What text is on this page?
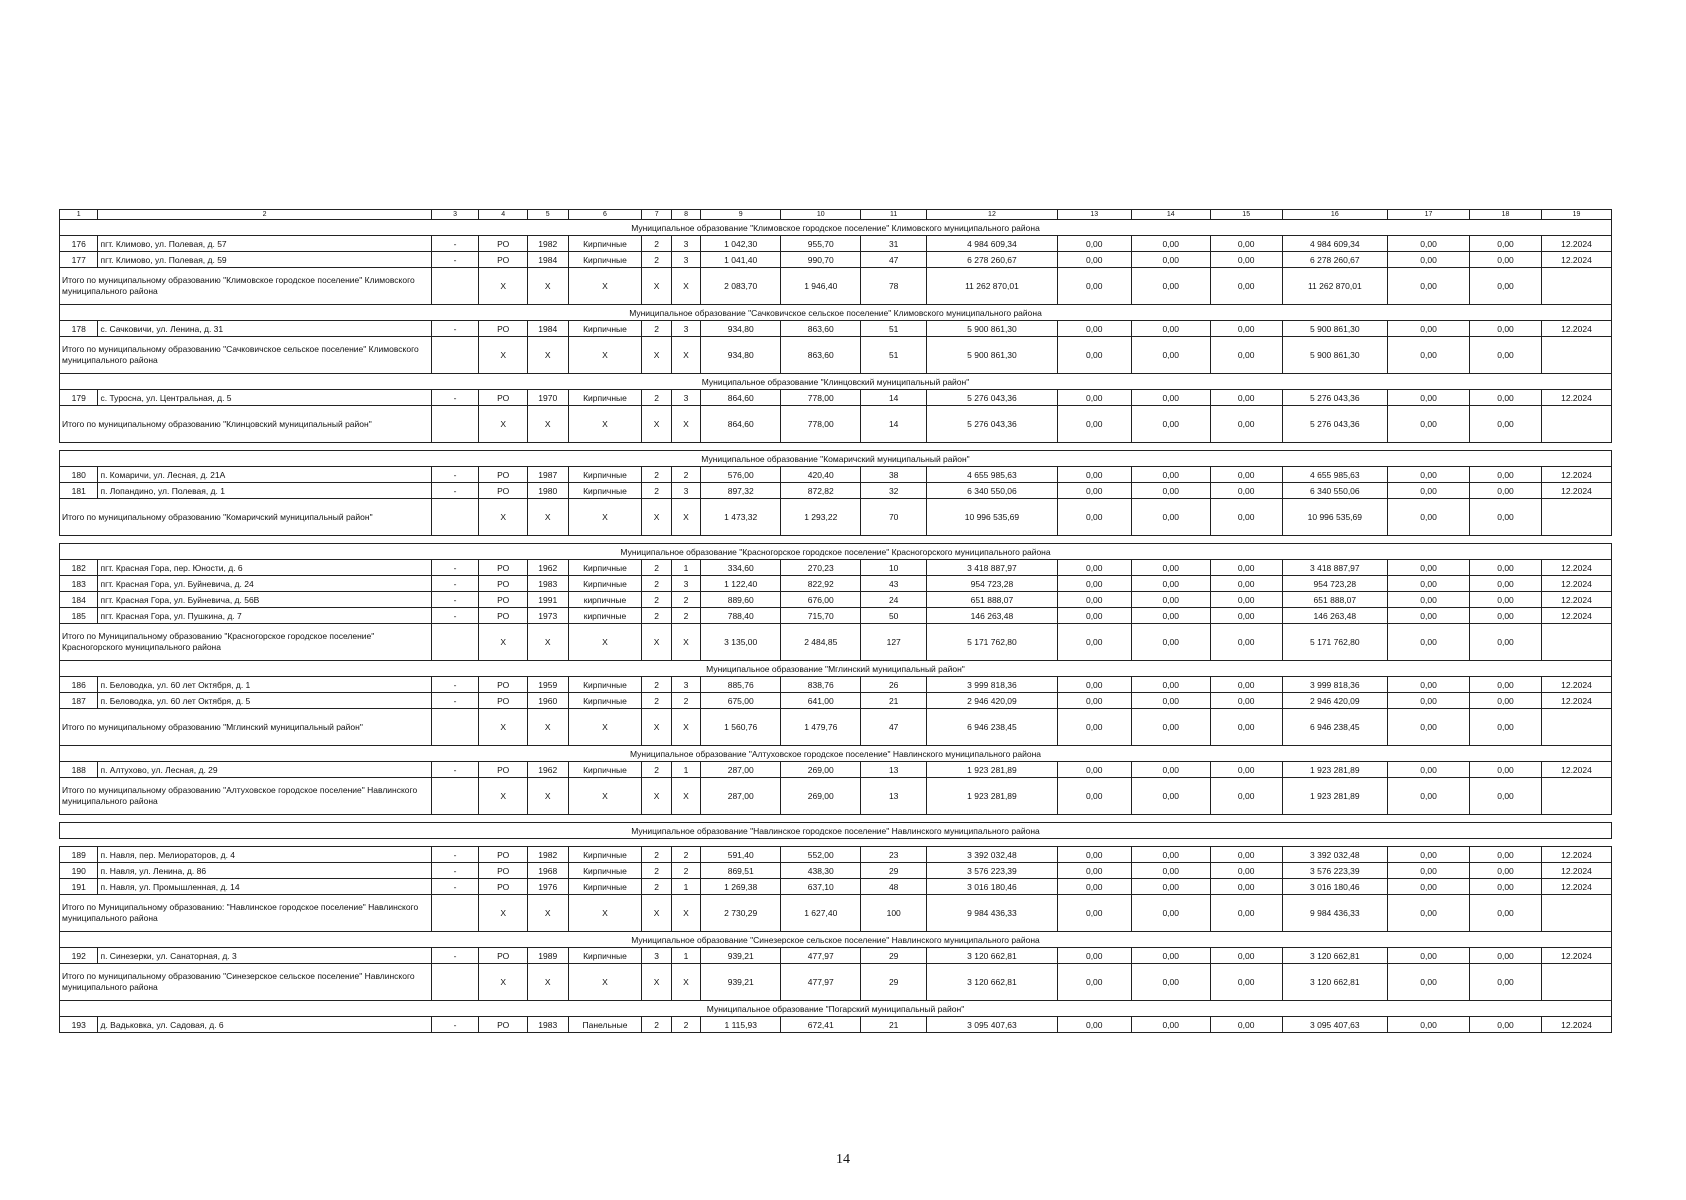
1	2	3	4	5	6	7	8	9	10	11	12	13	14	15	16	17	18	19
Муниципальное образование "Климовское городское поселение" Климовского муниципального района																		
176	пгт. Климово, ул. Полевая, д. 57	-	РО	1982	Кирпичные	2	3	1 042,30	955,70	31	4 984 609,34	0,00	0,00	0,00	4 984 609,34	0,00	0,00	12.2024
177	пгт. Климово, ул. Полевая, д. 59	-	РО	1984	Кирпичные	2	3	1 041,40	990,70	47	6 278 260,67	0,00	0,00	0,00	6 278 260,67	0,00	0,00	12.2024
Итого по муниципальному образованию "Климовское городское поселение" Климовского муниципального района			X	X	X	X	X	2 083,70	1 946,40	78	11 262 870,01	0,00	0,00	0,00	11 262 870,01	0,00	0,00	
Муниципальное образование "Сачковичское сельское поселение" Климовского муниципального района																		
178	с. Сачковичи, ул. Ленина, д. 31	-	РО	1984	Кирпичные	2	3	934,80	863,60	51	5 900 861,30	0,00	0,00	0,00	5 900 861,30	0,00	0,00	12.2024
Итого по муниципальному образованию "Сачковичское сельское поселение" Климовского муниципального района			X	X	X	X	X	934,80	863,60	51	5 900 861,30	0,00	0,00	0,00	5 900 861,30	0,00	0,00	
Муниципальное образование "Клинцовский муниципальный район"																		
179	с. Туросна, ул. Центральная, д. 5	-	РО	1970	Кирпичные	2	3	864,60	778,00	14	5 276 043,36	0,00	0,00	0,00	5 276 043,36	0,00	0,00	12.2024
Итого по муниципальному образованию "Клинцовский муниципальный район"			X	X	X	X	X	864,60	778,00	14	5 276 043,36	0,00	0,00	0,00	5 276 043,36	0,00	0,00	

Муниципальное образование "Комаричский муниципальный район"																		
180	п. Комаричи, ул. Лесная, д. 21А	-	РО	1987	Кирпичные	2	2	576,00	420,40	38	4 655 985,63	0,00	0,00	0,00	4 655 985,63	0,00	0,00	12.2024
181	п. Лопандино, ул. Полевая, д. 1	-	РО	1980	Кирпичные	2	3	897,32	872,82	32	6 340 550,06	0,00	0,00	0,00	6 340 550,06	0,00	0,00	12.2024
Итого по муниципальному образованию "Комаричский муниципальный район"			X	X	X	X	X	1 473,32	1 293,22	70	10 996 535,69	0,00	0,00	0,00	10 996 535,69	0,00	0,00	

Муниципальное образование "Красногорское городское поселение" Красногорского муниципального района																		
182	пгт. Красная Гора, пер. Юности, д. 6	-	РО	1962	Кирпичные	2	1	334,60	270,23	10	3 418 887,97	0,00	0,00	0,00	3 418 887,97	0,00	0,00	12.2024
183	пгт. Красная Гора, ул. Буйневича, д. 24	-	РО	1983	Кирпичные	2	3	1 122,40	822,92	43	954 723,28	0,00	0,00	0,00	954 723,28	0,00	0,00	12.2024
184	пгт. Красная Гора, ул. Буйневича, д. 56В	-	РО	1991	кирпичные	2	2	889,60	676,00	24	651 888,07	0,00	0,00	0,00	651 888,07	0,00	0,00	12.2024
185	пгт. Красная Гора, ул. Пушкина, д. 7	-	РО	1973	кирпичные	2	2	788,40	715,70	50	146 263,48	0,00	0,00	0,00	146 263,48	0,00	0,00	12.2024
Итого по Муниципальному образованию "Красногорское городское поселение" Красногорского муниципального района			X	X	X	X	X	3 135,00	2 484,85	127	5 171 762,80	0,00	0,00	0,00	5 171 762,80	0,00	0,00	
Муниципальное образование "Мглинский муниципальный район"																		
186	п. Беловодка, ул. 60 лет Октября, д. 1	-	РО	1959	Кирпичные	2	3	885,76	838,76	26	3 999 818,36	0,00	0,00	0,00	3 999 818,36	0,00	0,00	12.2024
187	п. Беловодка, ул. 60 лет Октября, д. 5	-	РО	1960	Кирпичные	2	2	675,00	641,00	21	2 946 420,09	0,00	0,00	0,00	2 946 420,09	0,00	0,00	12.2024
Итого по муниципальному образованию "Мглинский муниципальный район"			X	X	X	X	X	1 560,76	1 479,76	47	6 946 238,45	0,00	0,00	0,00	6 946 238,45	0,00	0,00	
Муниципальное образование "Алтуховское городское поселение" Навлинского муниципального района																		
188	п. Алтухово, ул. Лесная, д. 29	-	РО	1962	Кирпичные	2	1	287,00	269,00	13	1 923 281,89	0,00	0,00	0,00	1 923 281,89	0,00	0,00	12.2024
Итого по муниципальному образованию "Алтуховское городское поселение" Навлинского муниципального района			X	X	X	X	X	287,00	269,00	13	1 923 281,89	0,00	0,00	0,00	1 923 281,89	0,00	0,00	

Муниципальное образование "Навлинское городское поселение" Навлинского муниципального района																		

189	п. Навля, пер. Мелиораторов, д. 4	-	РО	1982	Кирпичные	2	2	591,40	552,00	23	3 392 032,48	0,00	0,00	0,00	3 392 032,48	0,00	0,00	12.2024
190	п. Навля, ул. Ленина, д. 86	-	РО	1968	Кирпичные	2	2	869,51	438,30	29	3 576 223,39	0,00	0,00	0,00	3 576 223,39	0,00	0,00	12.2024
191	п. Навля, ул. Промышленная, д. 14	-	РО	1976	Кирпичные	2	1	1 269,38	637,10	48	3 016 180,46	0,00	0,00	0,00	3 016 180,46	0,00	0,00	12.2024
Итого по Муниципальному образованию: "Навлинское городское поселение" Навлинского муниципального района			X	X	X	X	X	2 730,29	1 627,40	100	9 984 436,33	0,00	0,00	0,00	9 984 436,33	0,00	0,00	
Муниципальное образование "Синезерское сельское поселение" Навлинского муниципального района																		
192	п. Синезерки, ул. Санаторная, д. 3	-	РО	1989	Кирпичные	3	1	939,21	477,97	29	3 120 662,81	0,00	0,00	0,00	3 120 662,81	0,00	0,00	12.2024
Итого по муниципальному образованию "Синезерское сельское поселение" Навлинского муниципального района			X	X	X	X	X	939,21	477,97	29	3 120 662,81	0,00	0,00	0,00	3 120 662,81	0,00	0,00	
Муниципальное образование "Погарский муниципальный район"																		
193	д. Вадьковка, ул. Садовая, д. 6	-	РО	1983	Панельные	2	2	1 115,93	672,41	21	3 095 407,63	0,00	0,00	0,00	3 095 407,63	0,00	0,00	12.2024
14
